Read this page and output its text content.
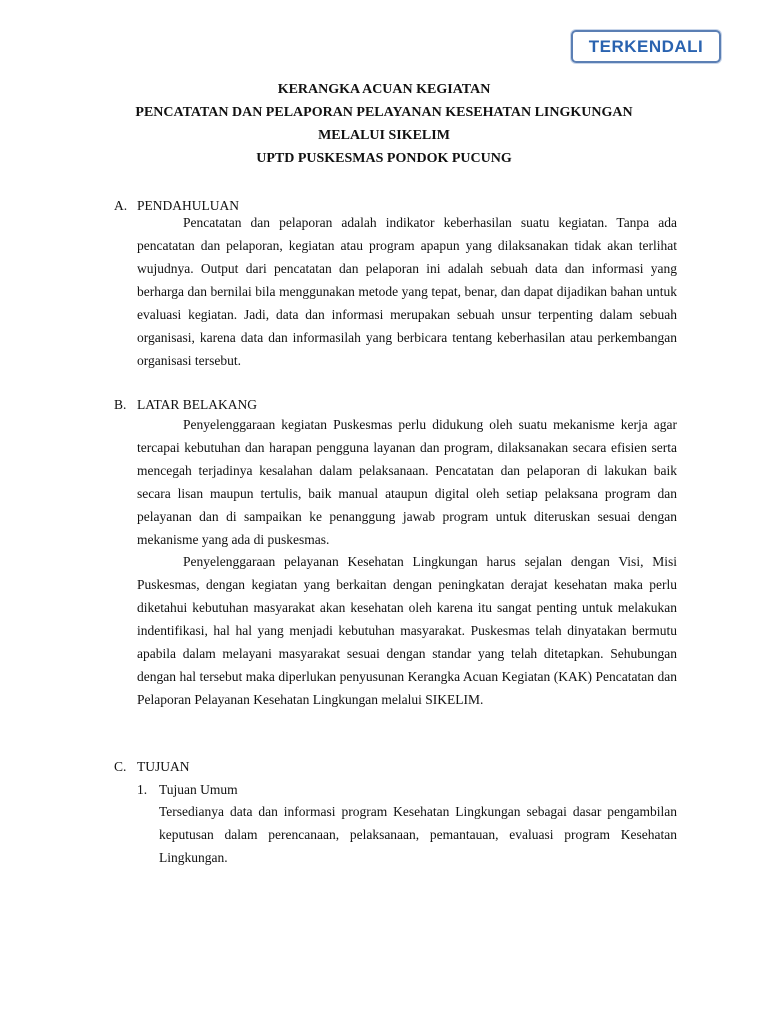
TERKENDALI
KERANGKA ACUAN KEGIATAN
PENCATATAN DAN PELAPORAN PELAYANAN KESEHATAN LINGKUNGAN
MELALUI SIKELIM
UPTD PUSKESMAS PONDOK PUCUNG
A. PENDAHULUAN
Pencatatan dan pelaporan adalah indikator keberhasilan suatu kegiatan. Tanpa ada pencatatan dan pelaporan, kegiatan atau program apapun yang dilaksanakan tidak akan terlihat wujudnya. Output dari pencatatan dan pelaporan ini adalah sebuah data dan informasi yang berharga dan bernilai bila menggunakan metode yang tepat, benar, dan dapat dijadikan bahan untuk evaluasi kegiatan. Jadi, data dan informasi merupakan sebuah unsur terpenting dalam sebuah organisasi, karena data dan informasilah yang berbicara tentang keberhasilan atau perkembangan organisasi tersebut.
B. LATAR BELAKANG
Penyelenggaraan kegiatan Puskesmas perlu didukung oleh suatu mekanisme kerja agar tercapai kebutuhan dan harapan pengguna layanan dan program, dilaksanakan secara efisien serta mencegah terjadinya kesalahan dalam pelaksanaan. Pencatatan dan pelaporan di lakukan baik secara lisan maupun tertulis, baik manual ataupun digital oleh setiap pelaksana program dan pelayanan dan di sampaikan ke penanggung jawab program untuk diteruskan sesuai dengan mekanisme yang ada di puskesmas.
Penyelenggaraan pelayanan Kesehatan Lingkungan harus sejalan dengan Visi, Misi Puskesmas, dengan kegiatan yang berkaitan dengan peningkatan derajat kesehatan maka perlu diketahui kebutuhan masyarakat akan kesehatan oleh karena itu sangat penting untuk melakukan indentifikasi, hal hal yang menjadi kebutuhan masyarakat. Puskesmas telah dinyatakan bermutu apabila dalam melayani masyarakat sesuai dengan standar yang telah ditetapkan. Sehubungan dengan hal tersebut maka diperlukan penyusunan Kerangka Acuan Kegiatan (KAK) Pencatatan dan Pelaporan Pelayanan Kesehatan Lingkungan melalui SIKELIM.
C. TUJUAN
1. Tujuan Umum
Tersedianya data dan informasi program Kesehatan Lingkungan sebagai dasar pengambilan keputusan dalam perencanaan, pelaksanaan, pemantauan, evaluasi program Kesehatan Lingkungan.
